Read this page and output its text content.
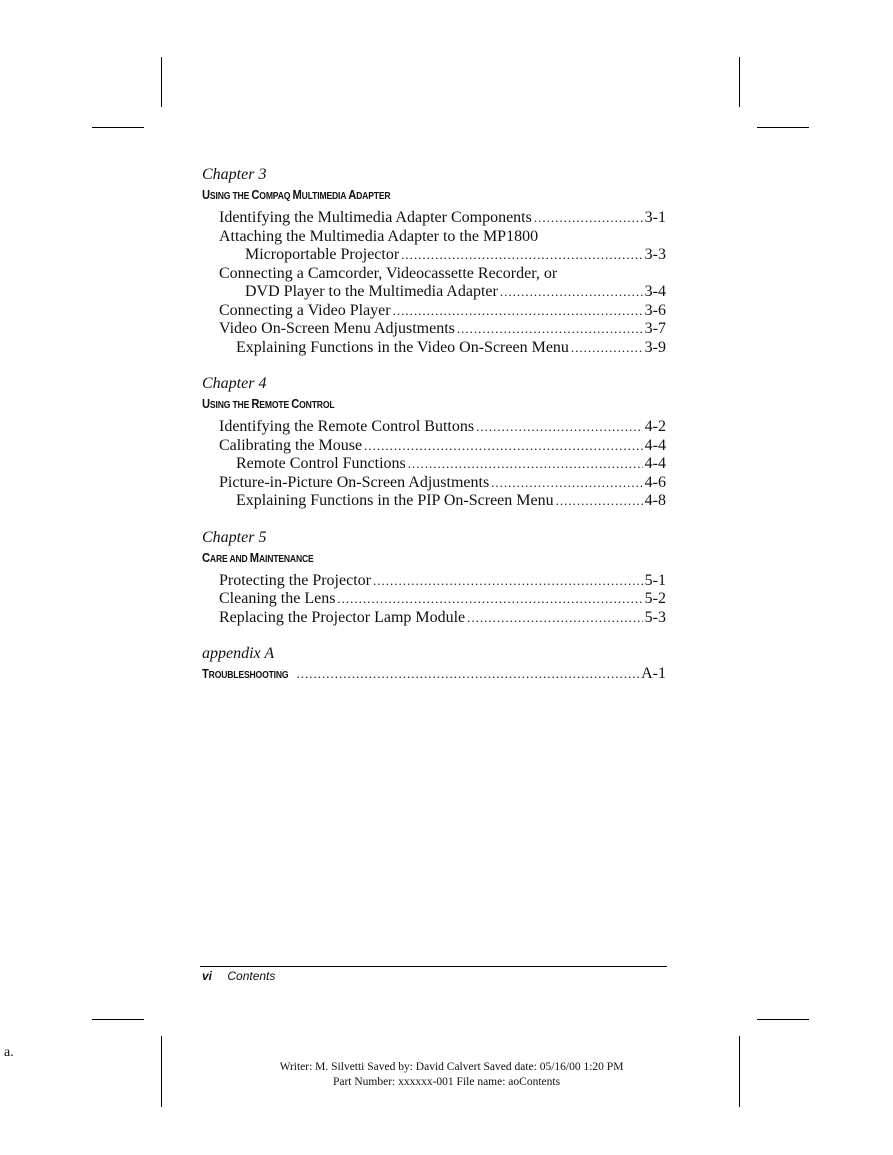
Chapter 3
USING THE COMPAQ MULTIMEDIA ADAPTER
Identifying the Multimedia Adapter Components .....	3-1
Attaching the Multimedia Adapter to the MP1800
Microportable Projector .....	3-3
Connecting a Camcorder, Videocassette Recorder, or
DVD Player to the Multimedia Adapter .....	3-4
Connecting a Video Player .....	3-6
Video On-Screen Menu Adjustments .....	3-7
Explaining Functions in the Video On-Screen Menu .....	3-9
Chapter 4
USING THE REMOTE CONTROL
Identifying the Remote Control Buttons .....	4-2
Calibrating the Mouse .....	4-4
Remote Control Functions .....	4-4
Picture-in-Picture On-Screen Adjustments .....	4-6
Explaining Functions in the PIP On-Screen Menu .....	4-8
Chapter 5
CARE AND MAINTENANCE
Protecting the Projector .....	5-1
Cleaning the Lens .....	5-2
Replacing the Projector Lamp Module .....	5-3
appendix A
TROUBLESHOOTING .....	A-1
vi Contents
a.
Writer: M. Silvetti Saved by: David Calvert Saved date: 05/16/00 1:20 PM
Part Number: xxxxxx-001 File name: aoContents
